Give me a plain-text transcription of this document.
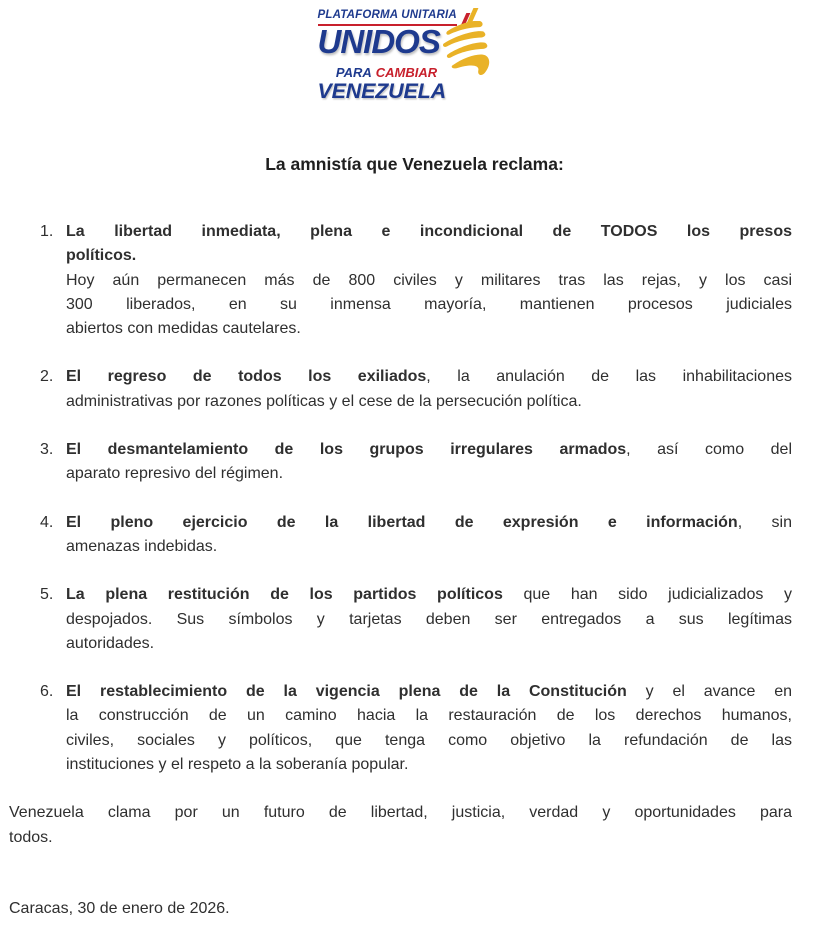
PLATAFORMA UNITARIA
UNIDOS
PARA CAMBIAR
VENEZUELA
La amnistía que Venezuela reclama:
1. La libertad inmediata, plena e incondicional de TODOS los presos
políticos.
Hoy aún permanecen más de 800 civiles y militares tras las rejas, y los casi
300 liberados, en su inmensa mayoría, mantienen procesos judiciales
abiertos con medidas cautelares.
2. El regreso de todos los exiliados, la anulación de las inhabilitaciones
administrativas por razones políticas y el cese de la persecución política.
3. El desmantelamiento de los grupos irregulares armados, así como del
aparato represivo del régimen.
4. El pleno ejercicio de la libertad de expresión e información, sin
amenazas indebidas.
5. La plena restitución de los partidos políticos que han sido judicializados y
despojados. Sus símbolos y tarjetas deben ser entregados a sus legítimas
autoridades.
6. El restablecimiento de la vigencia plena de la Constitución y el avance en
la construcción de un camino hacia la restauración de los derechos humanos,
civiles, sociales y políticos, que tenga como objetivo la refundación de las
instituciones y el respeto a la soberanía popular.

Venezuela clama por un futuro de libertad, justicia, verdad y oportunidades para
todos.

Caracas, 30 de enero de 2026.
